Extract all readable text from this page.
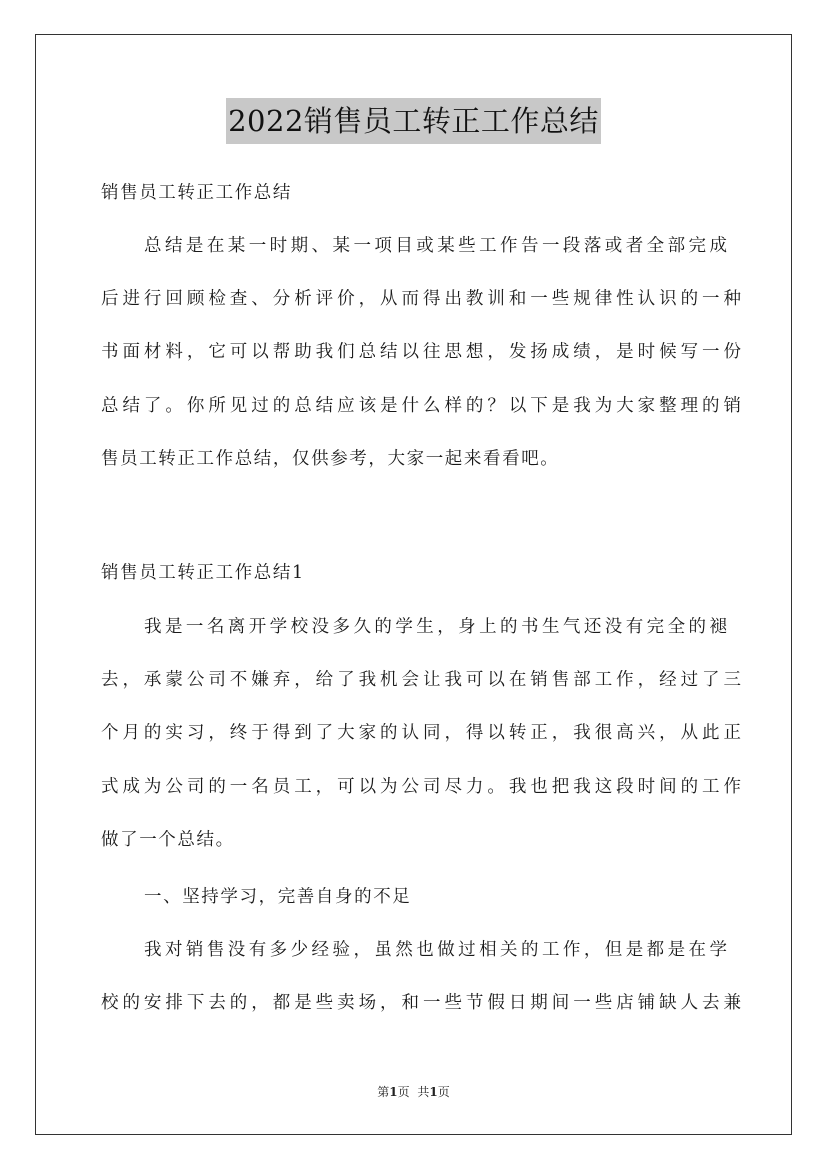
2022销售员工转正工作总结
销售员工转正工作总结
总结是在某一时期、某一项目或某些工作告一段落或者全部完成
后进行回顾检查、分析评价，从而得出教训和一些规律性认识的一种
书面材料，它可以帮助我们总结以往思想，发扬成绩，是时候写一份
总结了。你所见过的总结应该是什么样的？以下是我为大家整理的销
售员工转正工作总结，仅供参考，大家一起来看看吧。
销售员工转正工作总结1
我是一名离开学校没多久的学生，身上的书生气还没有完全的褪
去，承蒙公司不嫌弃，给了我机会让我可以在销售部工作，经过了三
个月的实习，终于得到了大家的认同，得以转正，我很高兴，从此正
式成为公司的一名员工，可以为公司尽力。我也把我这段时间的工作
做了一个总结。
一、坚持学习，完善自身的不足
我对销售没有多少经验，虽然也做过相关的工作，但是都是在学
校的安排下去的，都是些卖场，和一些节假日期间一些店铺缺人去兼
第1页 共1页
